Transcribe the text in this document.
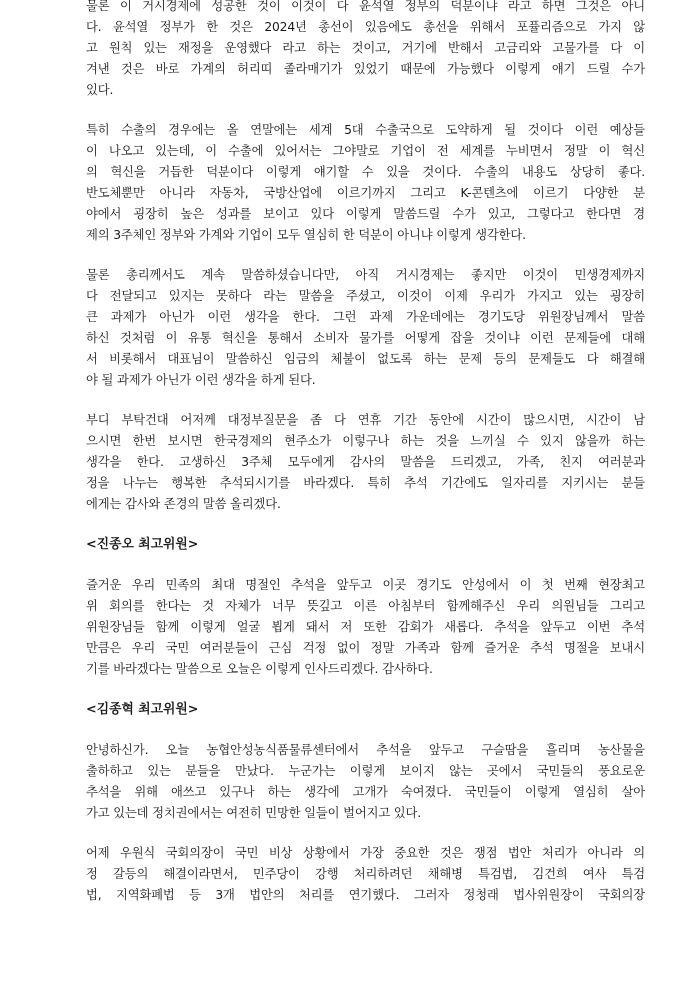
물론 이 거시경제에 성공한 것이 이것이 다 윤석열 정부의 덕분이냐 라고 하면 그것은 아니
다. 윤석열 정부가 한 것은 2024년 총선이 있음에도 총선을 위해서 포퓰리즘으로 가지 않
고 원칙 있는 재정을 운영했다 라고 하는 것이고, 거기에 반해서 고금리와 고물가를 다 이
겨낸 것은 바로 가계의 허리띠 졸라매기가 있었기 때문에 가능했다 이렇게 얘기 드릴 수가
있다.
특히 수출의 경우에는 올 연말에는 세계 5대 수출국으로 도약하게 될 것이다 이런 예상들
이 나오고 있는데, 이 수출에 있어서는 그야말로 기업이 전 세계를 누비면서 정말 이 혁신
의 혁신을 거듭한 덕분이다 이렇게 얘기할 수 있을 것이다. 수출의 내용도 상당히 좋다.
반도체뿐만 아니라 자동차, 국방산업에 이르기까지 그리고 K-콘텐츠에 이르기 다양한 분
야에서 굉장히 높은 성과를 보이고 있다 이렇게 말씀드릴 수가 있고, 그렇다고 한다면 경
제의 3주체인 정부와 가계와 기업이 모두 열심히 한 덕분이 아니냐 이렇게 생각한다.
물론 총리께서도 계속 말씀하셨습니다만, 아직 거시경제는 좋지만 이것이 민생경제까지
다 전달되고 있지는 못하다 라는 말씀을 주셨고, 이것이 이제 우리가 가지고 있는 굉장히
큰 과제가 아닌가 이런 생각을 한다. 그런 과제 가운데에는 경기도당 위원장님께서 말씀
하신 것처럼 이 유통 혁신을 통해서 소비자 물가를 어떻게 잡을 것이냐 이런 문제들에 대해
서 비롯해서 대표님이 말씀하신 임금의 체불이 없도록 하는 문제 등의 문제들도 다 해결해
야 될 과제가 아닌가 이런 생각을 하게 된다.
부디 부탁건대 어저께 대정부질문을 좀 다 연휴 기간 동안에 시간이 많으시면, 시간이 남
으시면 한번 보시면 한국경제의 현주소가 이렇구나 하는 것을 느끼실 수 있지 않을까 하는
생각을 한다. 고생하신 3주체 모두에게 감사의 말씀을 드리겠고, 가족, 친지 여러분과
정을 나누는 행복한 추석되시기를 바라겠다. 특히 추석 기간에도 일자리를 지키시는 분들
에게는 감사와 존경의 말씀 올리겠다.
<진종오 최고위원>
즐거운 우리 민족의 최대 명절인 추석을 앞두고 이곳 경기도 안성에서 이 첫 번째 현장최고
위 회의를 한다는 것 자체가 너무 뜻깊고 이른 아침부터 함께해주신 우리 의원님들 그리고
위원장님들 함께 이렇게 얼굴 뵙게 돼서 저 또한 감회가 새롭다. 추석을 앞두고 이번 추석
만큼은 우리 국민 여러분들이 근심 걱정 없이 정말 가족과 함께 즐거운 추석 명절을 보내시
기를 바라겠다는 말씀으로 오늘은 이렇게 인사드리겠다. 감사하다.
<김종혁 최고위원>
안녕하신가. 오늘 농협안성농식품물류센터에서 추석을 앞두고 구슬땀을 흘리며 농산물을
출하하고 있는 분들을 만났다. 누군가는 이렇게 보이지 않는 곳에서 국민들의 풍요로운
추석을 위해 애쓰고 있구나 하는 생각에 고개가 숙여졌다. 국민들이 이렇게 열심히 살아
가고 있는데 정치권에서는 여전히 민망한 일들이 벌어지고 있다.
어제 우원식 국회의장이 국민 비상 상황에서 가장 중요한 것은 쟁점 법안 처리가 아니라 의
정 갈등의 해결이라면서, 민주당이 강행 처리하려던 채해병 특검법, 김건희 여사 특검
법, 지역화폐법 등 3개 법안의 처리를 연기했다. 그러자 정청래 법사위원장이 국회의장
